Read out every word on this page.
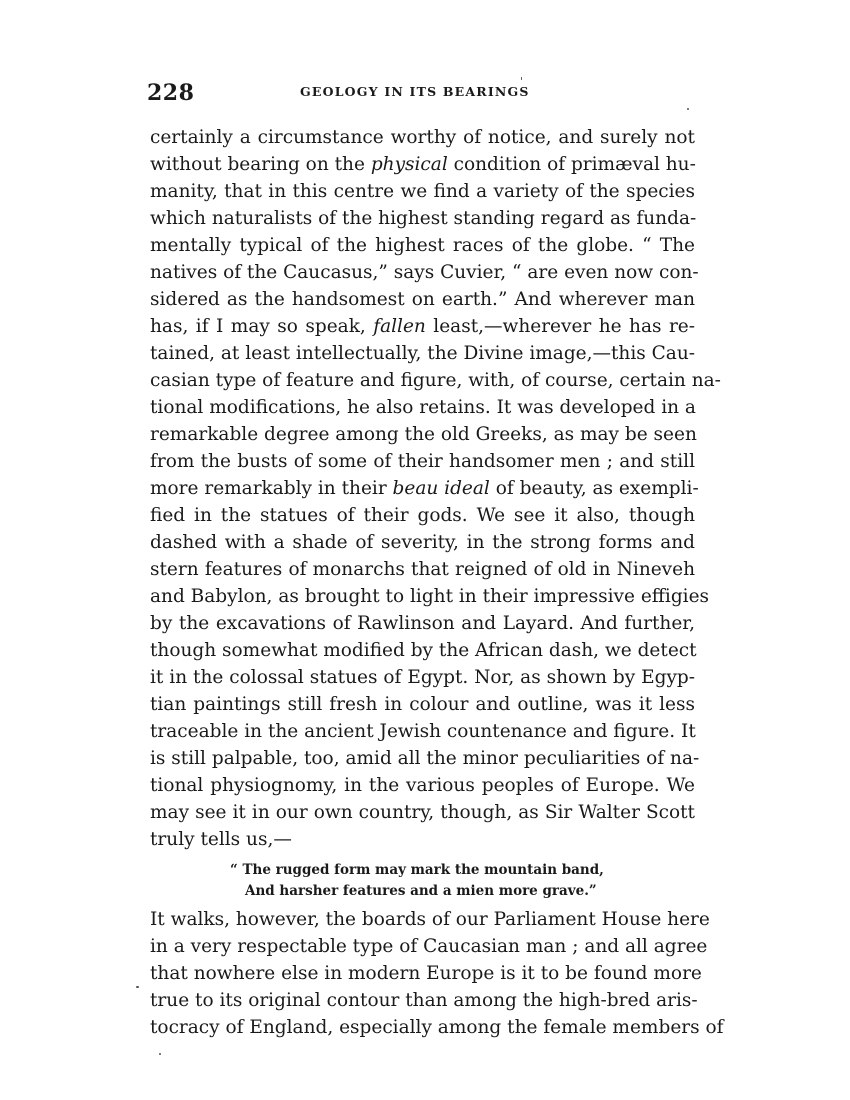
228	GEOLOGY IN ITS BEARINGS
certainly a circumstance worthy of notice, and surely not
without bearing on the physical condition of primæval hu-
manity, that in this centre we find a variety of the species
which naturalists of the highest standing regard as funda-
mentally typical of the highest races of the globe. “ The
natives of the Caucasus,” says Cuvier, “ are even now con-
sidered as the handsomest on earth.” And wherever man
has, if I may so speak, fallen least,—wherever he has re-
tained, at least intellectually, the Divine image,—this Cau-
casian type of feature and figure, with, of course, certain na-
tional modifications, he also retains. It was developed in a
remarkable degree among the old Greeks, as may be seen
from the busts of some of their handsomer men ; and still
more remarkably in their beau ideal of beauty, as exempli-
fied in the statues of their gods. We see it also, though
dashed with a shade of severity, in the strong forms and
stern features of monarchs that reigned of old in Nineveh
and Babylon, as brought to light in their impressive effigies
by the excavations of Rawlinson and Layard. And further,
though somewhat modified by the African dash, we detect
it in the colossal statues of Egypt. Nor, as shown by Egyp-
tian paintings still fresh in colour and outline, was it less
traceable in the ancient Jewish countenance and figure. It
is still palpable, too, amid all the minor peculiarities of na-
tional physiognomy, in the various peoples of Europe. We
may see it in our own country, though, as Sir Walter Scott
truly tells us,—
“ The rugged form may mark the mountain band,
And harsher features and a mien more grave.”
It walks, however, the boards of our Parliament House here
in a very respectable type of Caucasian man ; and all agree
that nowhere else in modern Europe is it to be found more
true to its original contour than among the high-bred aris-
tocracy of England, especially among the female members of
